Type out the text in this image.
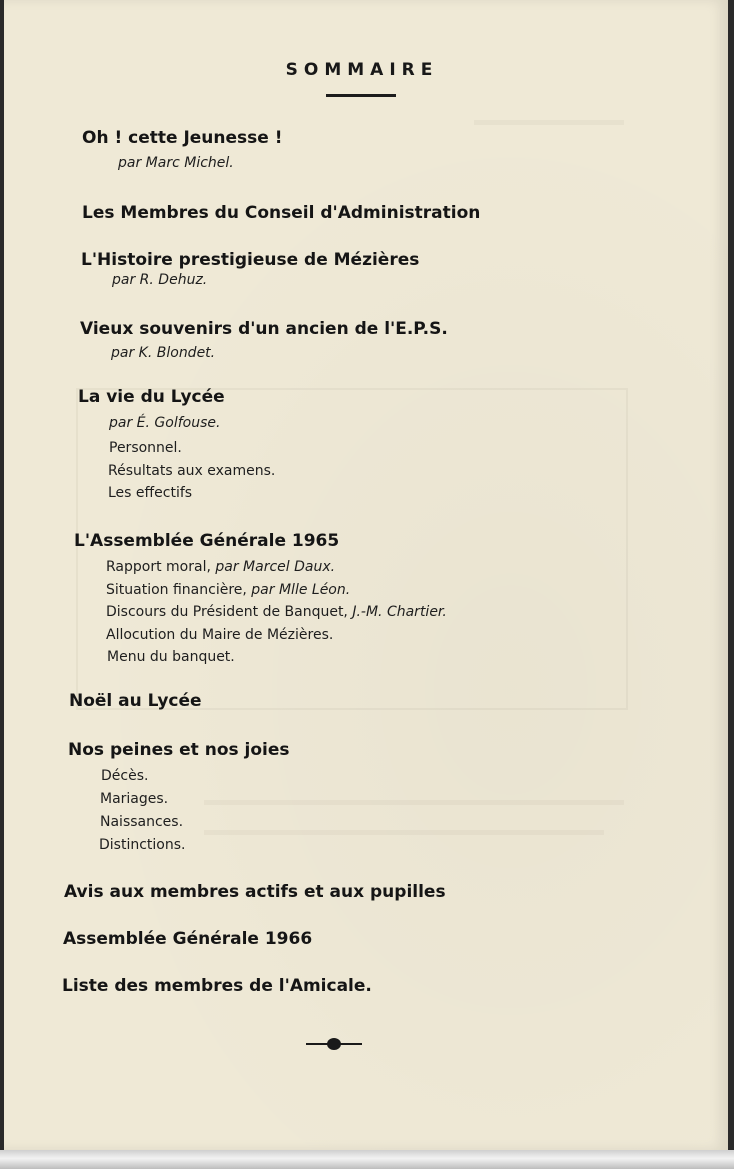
SOMMAIRE
Oh ! cette Jeunesse !
par Marc Michel.
Les Membres du Conseil d'Administration
L'Histoire prestigieuse de Mézières
par R. Dehuz.
Vieux souvenirs d'un ancien de l'E.P.S.
par K. Blondet.
La vie du Lycée
par É. Golfouse.
Personnel.
Résultats aux examens.
Les effectifs
L'Assemblée Générale 1965
Rapport moral, par Marcel Daux.
Situation financière, par Mlle Léon.
Discours du Président de Banquet, J.-M. Chartier.
Allocution du Maire de Mézières.
Menu du banquet.
Noël au Lycée
Nos peines et nos joies
Décès.
Mariages.
Naissances.
Distinctions.
Avis aux membres actifs et aux pupilles
Assemblée Générale 1966
Liste des membres de l'Amicale.
